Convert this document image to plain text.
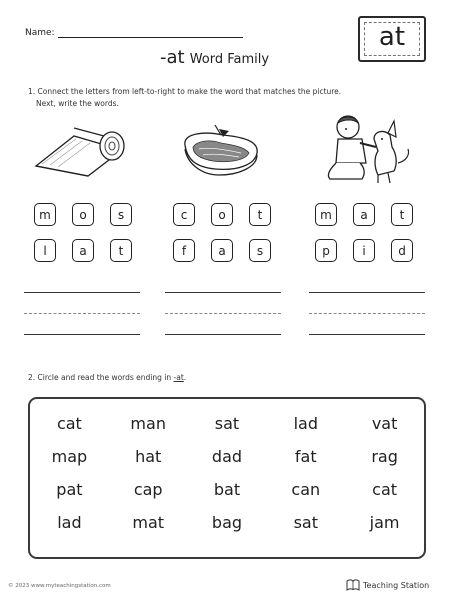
Name:
-at Word Family
at
1. Connect the letters from left-to-right to make the word that matches the picture.
Next, write the words.
m	o	s
l	a	t
c	o	t
f	a	s
m	a	t
p	i	d
2. Circle and read the words ending in -at.
cat	man	sat	lad	vat
map	hat	dad	fat	rag
pat	cap	bat	can	cat
lad	mat	bag	sat	jam
© 2023 www.myteachingstation.com	Teaching Station
